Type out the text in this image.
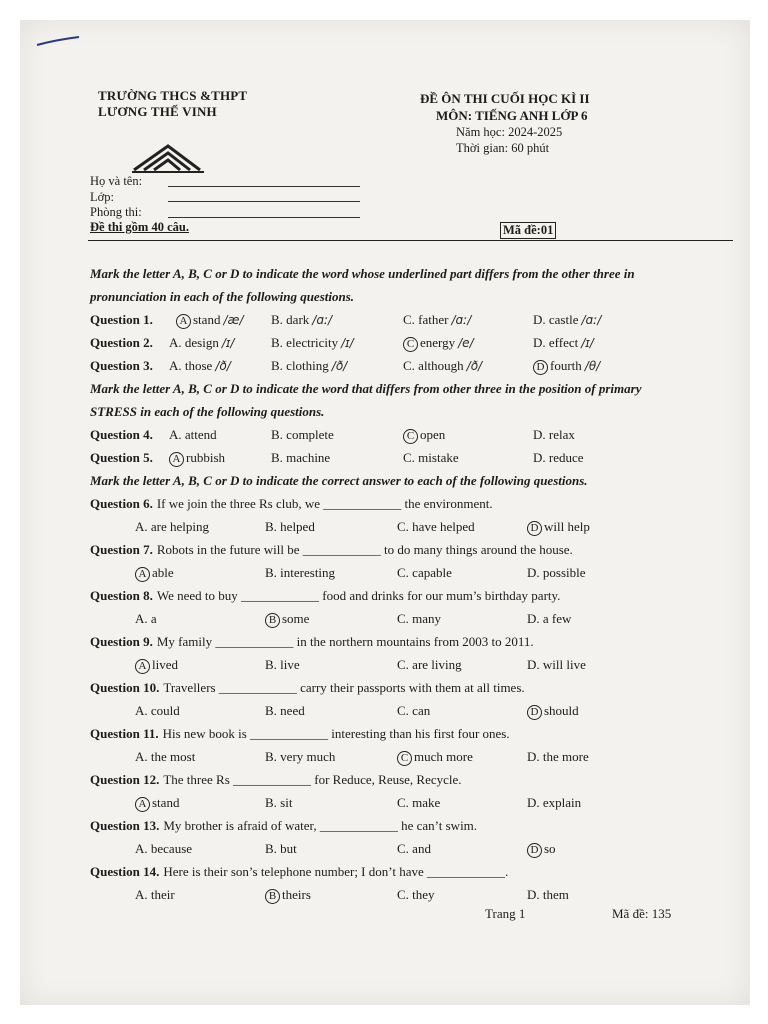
TRƯỜNG THCS &THPT

LƯƠNG THẾ VINH

ĐỀ ÔN THI CUỐI HỌC KÌ II

MÔN: TIẾNG ANH LỚP 6

Năm học: 2024-2025

Thời gian: 60 phút

Họ và tên:
Lớp:
Phòng thi:
Đề thi gồm 40 câu.	Mã đề:01

Mark the letter A, B, C or D to indicate the word whose underlined part differs from the other three in

pronunciation in each of the following questions.

Question 1.	A stand /æ/	B. dark /ɑː/	C. father /ɑː/	D. castle /ɑː/
Question 2.	A. design /ɪ/	B. electricity /ɪ/	C energy /e/	D. effect /ɪ/
Question 3.	A. those /ð/	B. clothing /ð/	C. although /ð/	D fourth /θ/

Mark the letter A, B, C or D to indicate the word that differs from other three in the position of primary

STRESS in each of the following questions.

Question 4.	A. attend	B. complete	C open	D. relax
Question 5.	A rubbish	B. machine	C. mistake	D. reduce

Mark the letter A, B, C or D to indicate the correct answer to each of the following questions.

Question 6. If we join the three Rs club, we ____________ the environment.
A. are helping	B. helped	C. have helped	D will help
Question 7. Robots in the future will be ____________ to do many things around the house.
A able	B. interesting	C. capable	D. possible
Question 8. We need to buy ____________ food and drinks for our mum’s birthday party.
A. a	B some	C. many	D. a few
Question 9. My family ____________ in the northern mountains from 2003 to 2011.
A lived	B. live	C. are living	D. will live
Question 10. Travellers ____________ carry their passports with them at all times.
A. could	B. need	C. can	D should
Question 11. His new book is ____________ interesting than his first four ones.
A. the most	B. very much	C much more	D. the more
Question 12. The three Rs ____________ for Reduce, Reuse, Recycle.
A stand	B. sit	C. make	D. explain
Question 13. My brother is afraid of water, ____________ he can’t swim.
A. because	B. but	C. and	D so
Question 14. Here is their son’s telephone number; I don’t have ____________.
A. their	B theirs	C. they	D. them
Trang 1	Mã đề: 135
